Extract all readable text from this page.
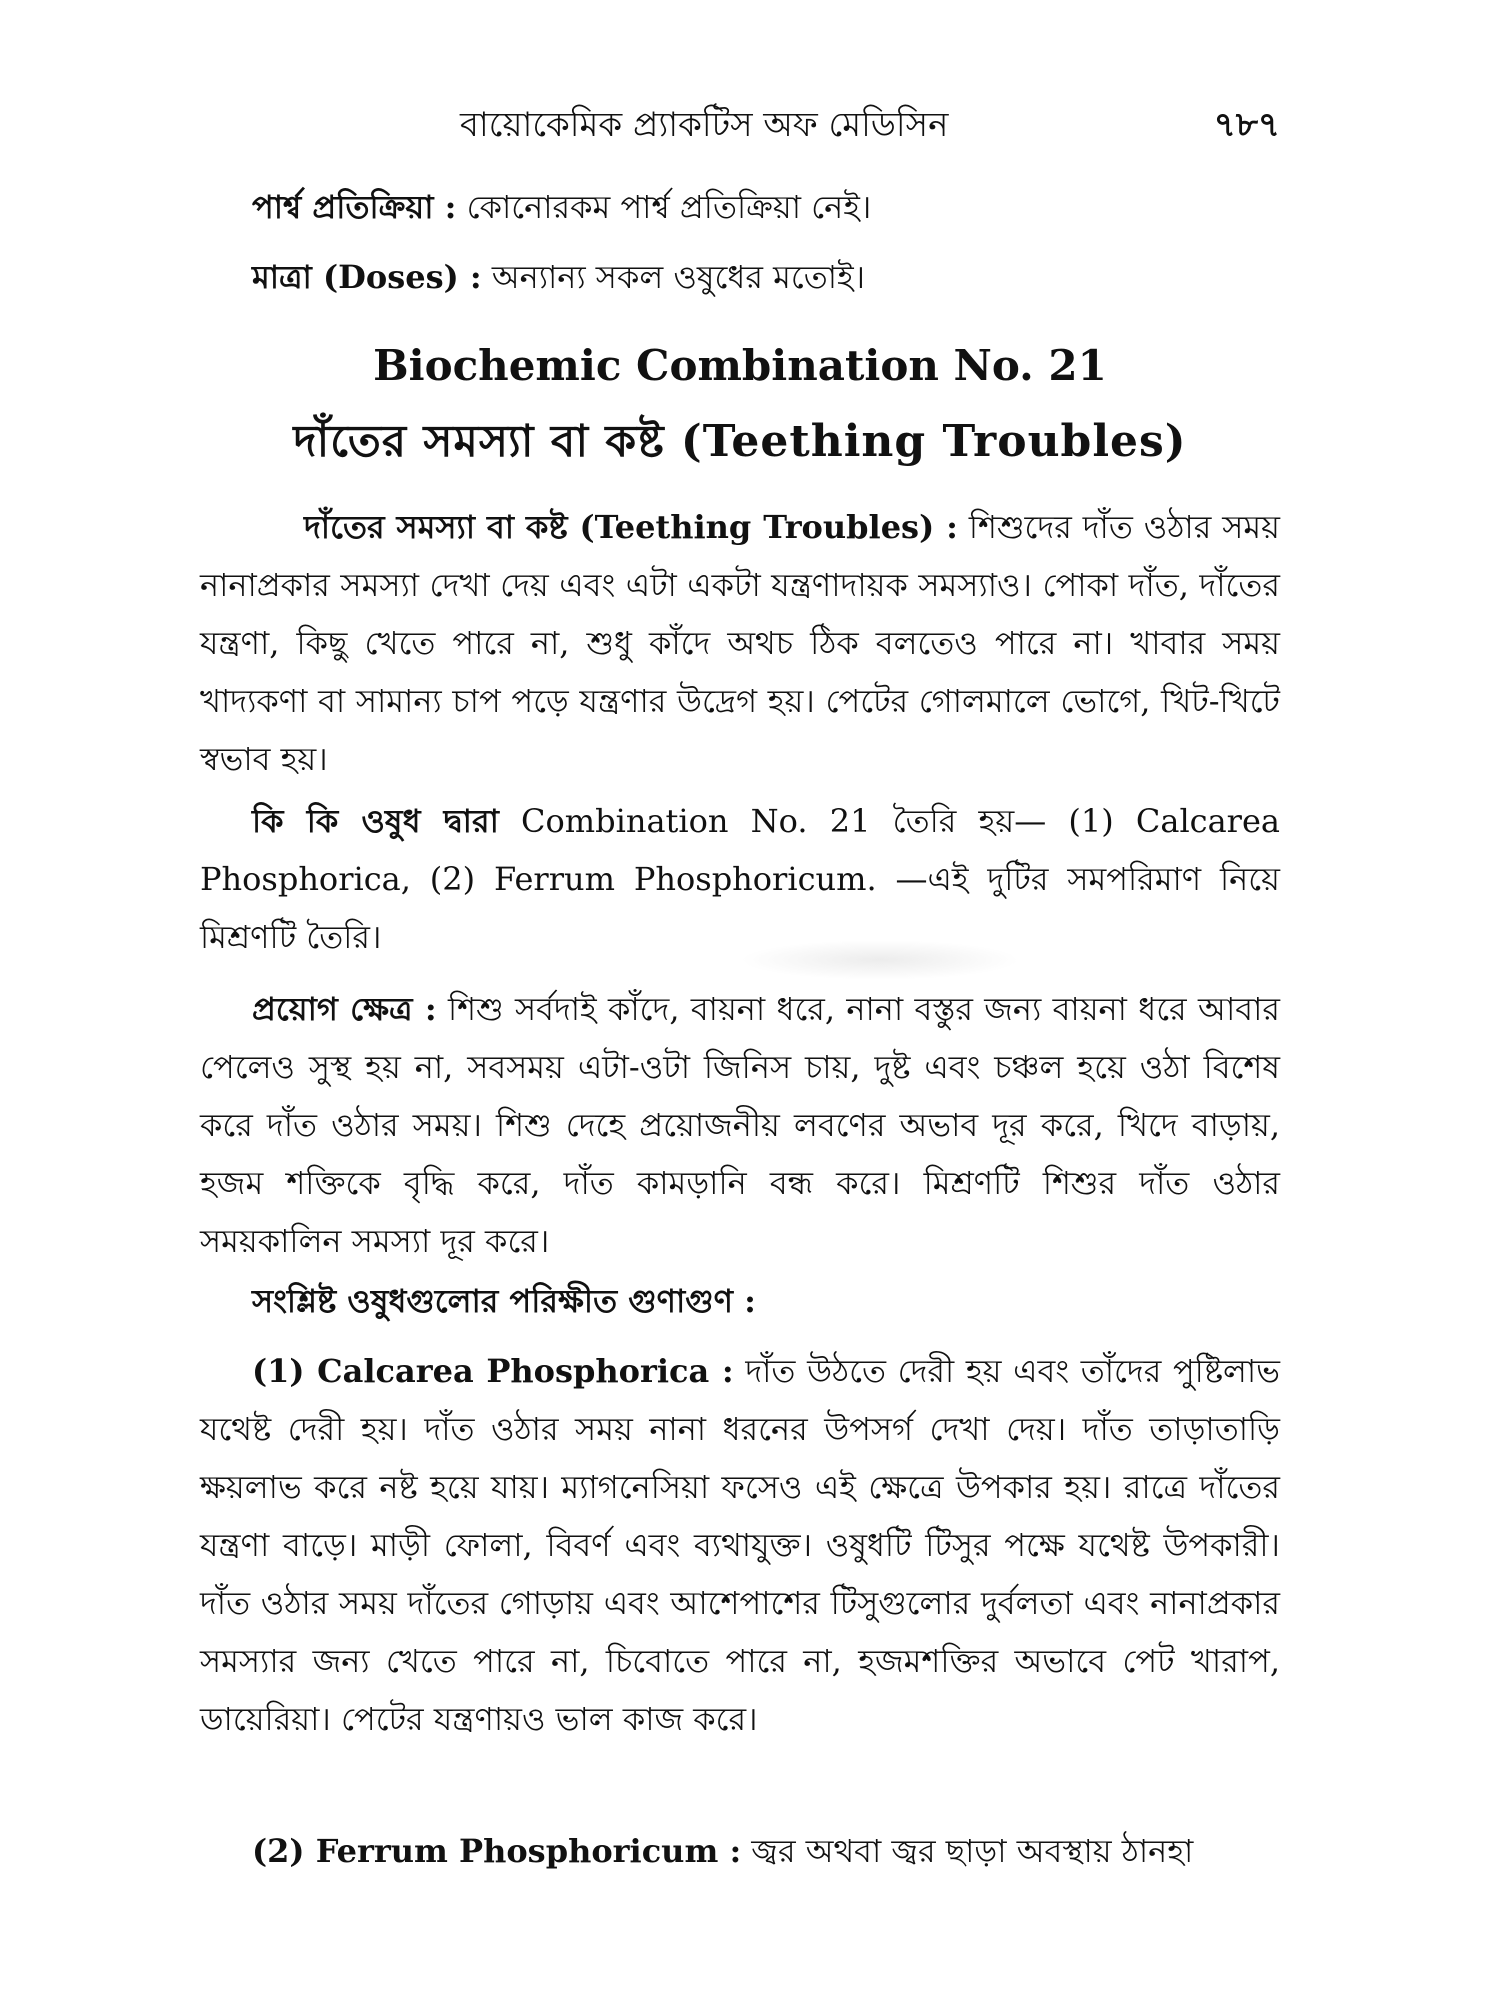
বায়োকেমিক প্র্যাকটিস অফ মেডিসিন	৭৮৭
পার্শ্ব প্রতিক্রিয়া : কোনোরকম পার্শ্ব প্রতিক্রিয়া নেই।
মাত্রা (Doses) : অন্যান্য সকল ওষুধের মতোই।
Biochemic Combination No. 21
দাঁতের সমস্যা বা কষ্ট (Teething Troubles)
দাঁতের সমস্যা বা কষ্ট (Teething Troubles) : শিশুদের দাঁত ওঠার সময় নানাপ্রকার সমস্যা দেখা দেয় এবং এটা একটা যন্ত্রণাদায়ক সমস্যাও। পোকা দাঁত, দাঁতের যন্ত্রণা, কিছু খেতে পারে না, শুধু কাঁদে অথচ ঠিক বলতেও পারে না। খাবার সময় খাদ্যকণা বা সামান্য চাপ পড়ে যন্ত্রণার উদ্রেগ হয়। পেটের গোলমালে ভোগে, খিট-খিটে স্বভাব হয়।
কি কি ওষুধ দ্বারা Combination No. 21 তৈরি হয়— (1) Calcarea Phosphorica, (2) Ferrum Phosphoricum. —এই দুটির সমপরিমাণ নিয়ে মিশ্রণটি তৈরি।
প্রয়োগ ক্ষেত্র : শিশু সর্বদাই কাঁদে, বায়না ধরে, নানা বস্তুর জন্য বায়না ধরে আবার পেলেও সুস্থ হয় না, সবসময় এটা-ওটা জিনিস চায়, দুষ্ট এবং চঞ্চল হয়ে ওঠা বিশেষ করে দাঁত ওঠার সময়। শিশু দেহে প্রয়োজনীয় লবণের অভাব দূর করে, খিদে বাড়ায়, হজম শক্তিকে বৃদ্ধি করে, দাঁত কামড়ানি বন্ধ করে। মিশ্রণটি শিশুর দাঁত ওঠার সময়কালিন সমস্যা দূর করে।
সংশ্লিষ্ট ওষুধগুলোর পরিক্ষীত গুণাগুণ :
(1) Calcarea Phosphorica : দাঁত উঠতে দেরী হয় এবং তাঁদের পুষ্টিলাভ যথেষ্ট দেরী হয়। দাঁত ওঠার সময় নানা ধরনের উপসর্গ দেখা দেয়। দাঁত তাড়াতাড়ি ক্ষয়লাভ করে নষ্ট হয়ে যায়। ম্যাগনেসিয়া ফসেও এই ক্ষেত্রে উপকার হয়। রাত্রে দাঁতের যন্ত্রণা বাড়ে। মাড়ী ফোলা, বিবর্ণ এবং ব্যথাযুক্ত। ওষুধটি টিসুর পক্ষে যথেষ্ট উপকারী। দাঁত ওঠার সময় দাঁতের গোড়ায় এবং আশেপাশের টিসুগুলোর দুর্বলতা এবং নানাপ্রকার সমস্যার জন্য খেতে পারে না, চিবোতে পারে না, হজমশক্তির অভাবে পেট খারাপ, ডায়েরিয়া। পেটের যন্ত্রণায়ও ভাল কাজ করে।
(2) Ferrum Phosphoricum : জ্বর অথবা জ্বর ছাড়া অবস্থায় ঠানহা
